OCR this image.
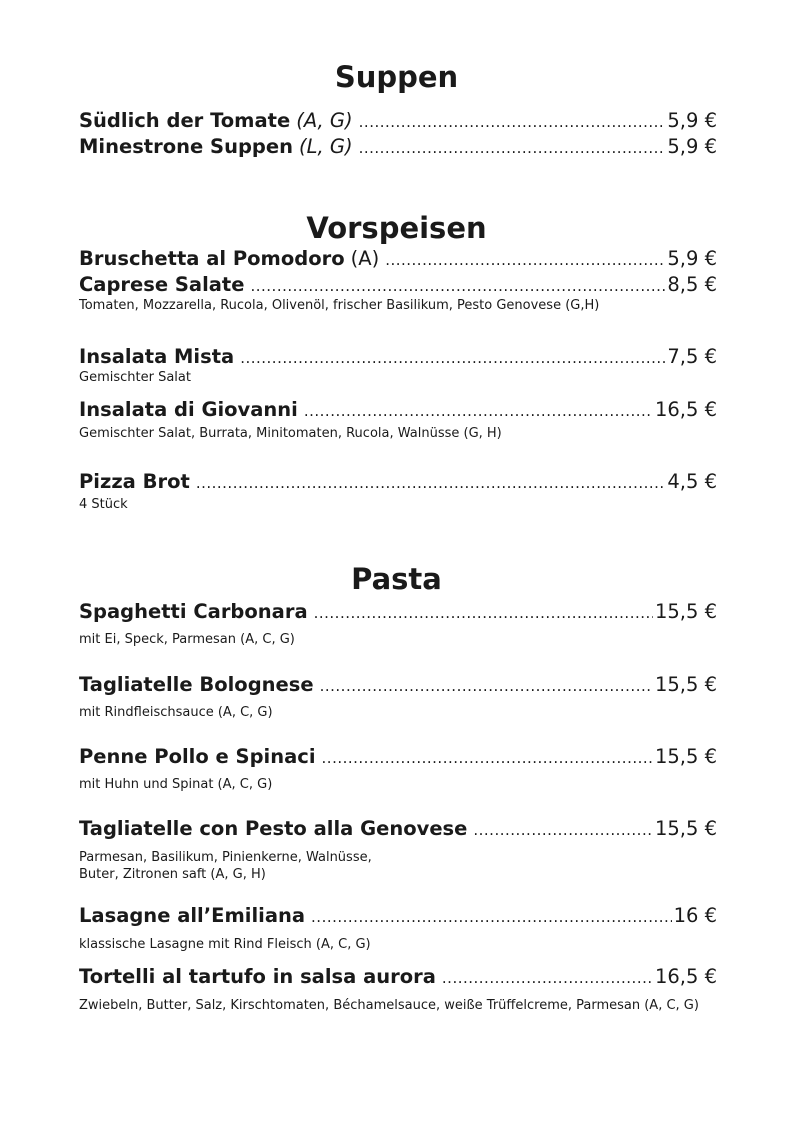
Suppen
Südlich der Tomate (A, G) .....	5,9 €
Minestrone Suppen (L, G) .....	5,9 €
Vorspeisen
Bruschetta al Pomodoro (A) .....	5,9 €
Caprese Salate .....	8,5 €
Tomaten, Mozzarella, Rucola, Olivenöl, frischer Basilikum, Pesto Genovese (G,H)
Insalata Mista .....	7,5 €
Gemischter Salat
Insalata di Giovanni .....	16,5 €
Gemischter Salat, Burrata, Minitomaten, Rucola, Walnüsse (G, H)
Pizza Brot .....	4,5 €
4 Stück
Pasta
Spaghetti Carbonara .....	15,5 €
mit Ei, Speck, Parmesan (A, C, G)
Tagliatelle Bolognese .....	15,5 €
mit Rindfleischsauce (A, C, G)
Penne Pollo e Spinaci .....	15,5 €
mit Huhn und Spinat (A, C, G)
Tagliatelle con Pesto alla Genovese .....	15,5 €
Parmesan, Basilikum, Pinienkerne, Walnüsse,
Buter, Zitronen saft (A, G, H)
Lasagne all’Emiliana .....	16 €
klassische Lasagne mit Rind Fleisch (A, C, G)
Tortelli al tartufo in salsa aurora .....	16,5 €
Zwiebeln, Butter, Salz, Kirschtomaten, Béchamelsauce, weiße Trüffelcreme, Parmesan (A, C, G)
